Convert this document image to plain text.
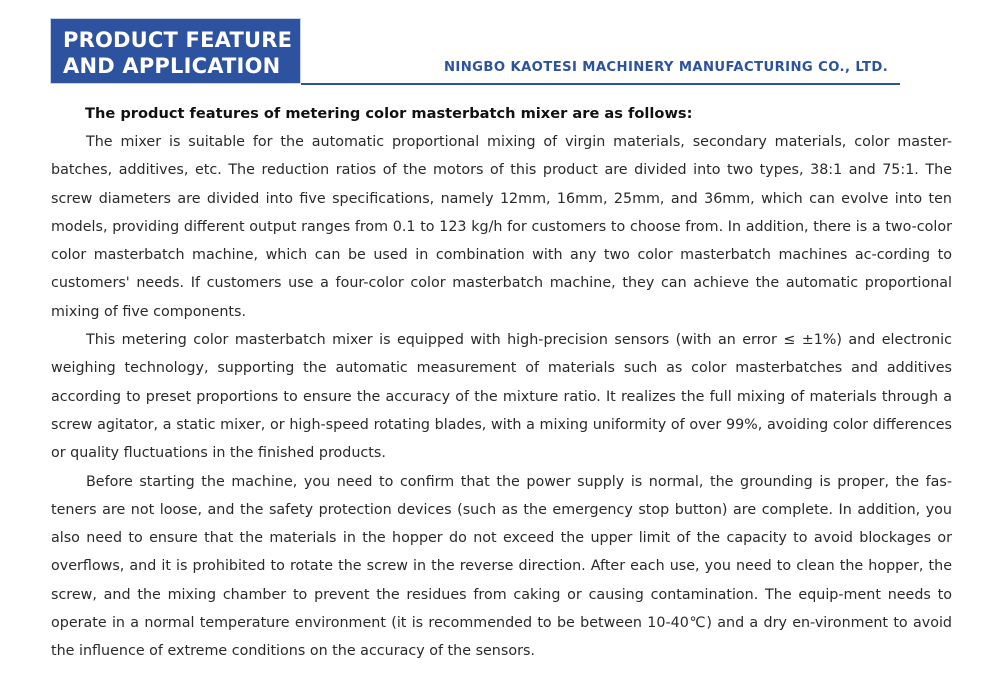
PRODUCT FEATURE
AND APPLICATION	NINGBO KAOTESI MACHINERY MANUFACTURING CO., LTD.

The product features of metering color masterbatch mixer are as follows:

The mixer is suitable for the automatic proportional mixing of virgin materials, secondary materials, color master-batches, additives, etc. The reduction ratios of the motors of this product are divided into two types, 38:1 and 75:1. The screw diameters are divided into five specifications, namely 12mm, 16mm, 25mm, and 36mm, which can evolve into ten models, providing different output ranges from 0.1 to 123 kg/h for customers to choose from. In addition, there is a two-color color masterbatch machine, which can be used in combination with any two color masterbatch machines ac-cording to customers' needs. If customers use a four-color color masterbatch machine, they can achieve the automatic proportional mixing of five components.

This metering color masterbatch mixer is equipped with high-precision sensors (with an error ≤ ±1%) and electronic weighing technology, supporting the automatic measurement of materials such as color masterbatches and additives according to preset proportions to ensure the accuracy of the mixture ratio. It realizes the full mixing of materials through a screw agitator, a static mixer, or high-speed rotating blades, with a mixing uniformity of over 99%, avoiding color differences or quality fluctuations in the finished products.

Before starting the machine, you need to confirm that the power supply is normal, the grounding is proper, the fas-teners are not loose, and the safety protection devices (such as the emergency stop button) are complete. In addition, you also need to ensure that the materials in the hopper do not exceed the upper limit of the capacity to avoid blockages or overflows, and it is prohibited to rotate the screw in the reverse direction. After each use, you need to clean the hopper, the screw, and the mixing chamber to prevent the residues from caking or causing contamination. The equip-ment needs to operate in a normal temperature environment (it is recommended to be between 10-40℃) and a dry en-vironment to avoid the influence of extreme conditions on the accuracy of the sensors.
